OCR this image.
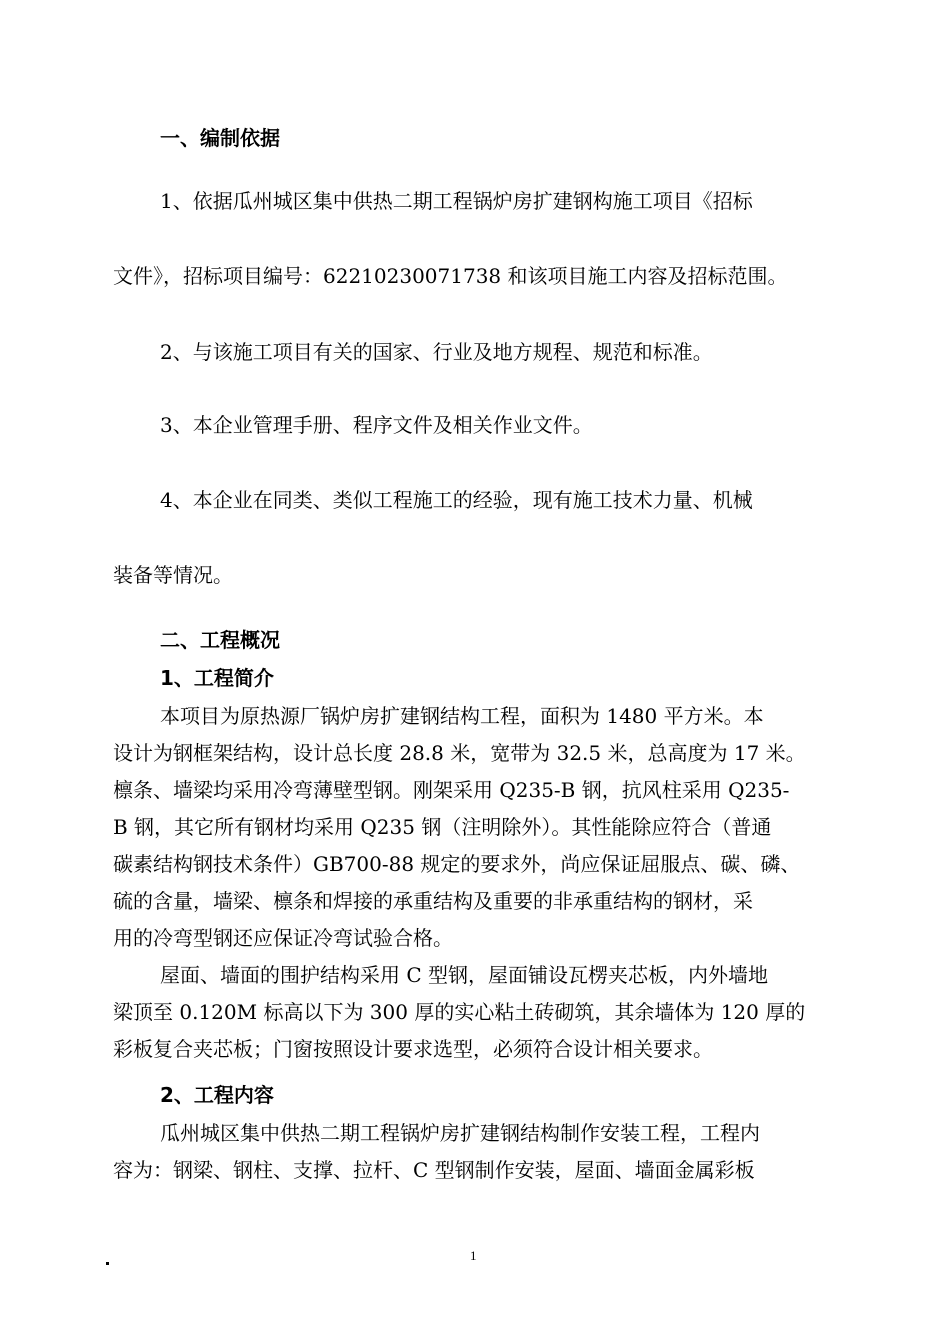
一、编制依据
1、依据瓜州城区集中供热二期工程锅炉房扩建钢构施工项目《招标
文件》，招标项目编号：62210230071738 和该项目施工内容及招标范围。
2、与该施工项目有关的国家、行业及地方规程、规范和标准。
3、本企业管理手册、程序文件及相关作业文件。
4、本企业在同类、类似工程施工的经验，现有施工技术力量、机械
装备等情况。
二、工程概况
1、工程简介
本项目为原热源厂锅炉房扩建钢结构工程，面积为 1480 平方米。本
设计为钢框架结构，设计总长度 28.8 米，宽带为 32.5 米，总高度为 17 米。
檩条、墙梁均采用冷弯薄壁型钢。刚架采用 Q235-B 钢，抗风柱采用 Q235-
B 钢，其它所有钢材均采用 Q235 钢（注明除外）。其性能除应符合（普通
碳素结构钢技术条件）GB700-88 规定的要求外，尚应保证屈服点、碳、磷、
硫的含量，墙梁、檩条和焊接的承重结构及重要的非承重结构的钢材，采
用的冷弯型钢还应保证冷弯试验合格。
屋面、墙面的围护结构采用 C 型钢，屋面铺设瓦楞夹芯板，内外墙地
梁顶至 0.120M 标高以下为 300 厚的实心粘土砖砌筑，其余墙体为 120 厚的
彩板复合夹芯板；门窗按照设计要求选型，必须符合设计相关要求。
2、工程内容
瓜州城区集中供热二期工程锅炉房扩建钢结构制作安装工程，工程内
容为：钢梁、钢柱、支撑、拉杆、C 型钢制作安装，屋面、墙面金属彩板
1
